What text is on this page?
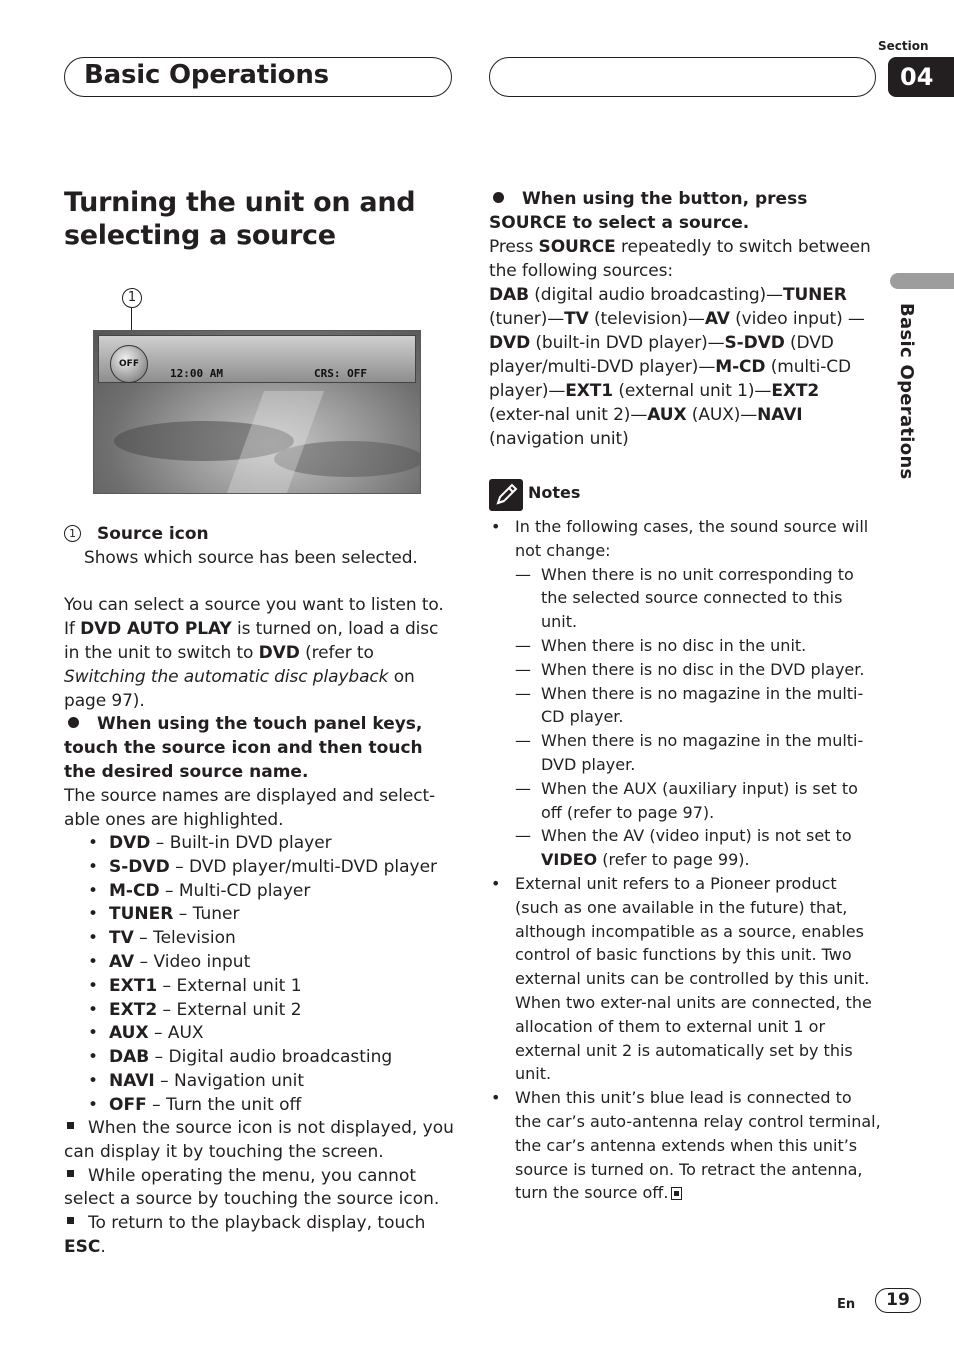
Basic Operations
Section
04
Basic Operations
Turning the unit on and selecting a source
1
OFF
12:00 AM	CRS: OFF
1 Source icon
Shows which source has been selected.
You can select a source you want to listen to. If DVD AUTO PLAY is turned on, load a disc in the unit to switch to DVD (refer to Switching the automatic disc playback on page 97).
When using the touch panel keys, touch the source icon and then touch the desired source name.
The source names are displayed and select-able ones are highlighted.
• DVD – Built-in DVD player
• S-DVD – DVD player/multi-DVD player
• M-CD – Multi-CD player
• TUNER – Tuner
• TV – Television
• AV – Video input
• EXT1 – External unit 1
• EXT2 – External unit 2
• AUX – AUX
• DAB – Digital audio broadcasting
• NAVI – Navigation unit
• OFF – Turn the unit off

When the source icon is not displayed, you can display it by touching the screen.

While operating the menu, you cannot select a source by touching the source icon.

To return to the playback display, touch ESC.

When using the button, press SOURCE to select a source.
Press SOURCE repeatedly to switch between the following sources:
DAB (digital audio broadcasting)—TUNER (tuner)—TV (television)—AV (video input) —DVD (built-in DVD player)—S-DVD (DVD player/multi-DVD player)—M-CD (multi-CD player)—EXT1 (external unit 1)—EXT2 (exter-nal unit 2)—AUX (AUX)—NAVI (navigation unit)
Notes
• In the following cases, the sound source will not change:
— When there is no unit corresponding to the selected source connected to this unit.
— When there is no disc in the unit.
— When there is no disc in the DVD player.
— When there is no magazine in the multi-CD player.
— When there is no magazine in the multi-DVD player.
— When the AUX (auxiliary input) is set to off (refer to page 97).
— When the AV (video input) is not set to VIDEO (refer to page 99).
• External unit refers to a Pioneer product (such as one available in the future) that, although incompatible as a source, enables control of basic functions by this unit. Two external units can be controlled by this unit. When two exter-nal units are connected, the allocation of them to external unit 1 or external unit 2 is automatically set by this unit.
• When this unit’s blue lead is connected to the car’s auto-antenna relay control terminal, the car’s antenna extends when this unit’s source is turned on. To retract the antenna, turn the source off.
En	19
